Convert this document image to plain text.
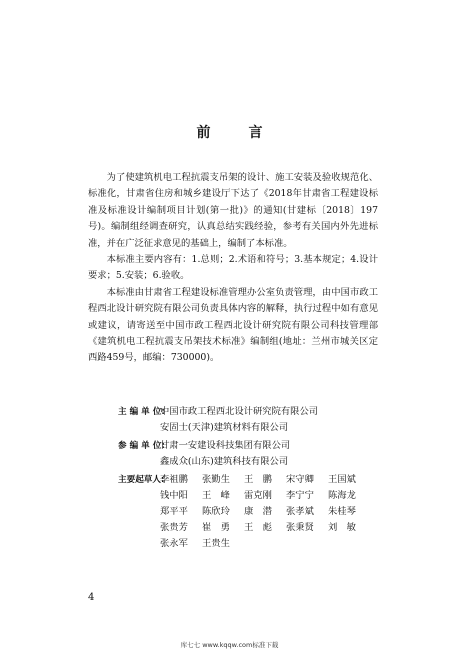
前　言

为了使建筑机电工程抗震支吊架的设计、施工安装及验收规范化、标准化，甘肃省住房和城乡建设厅下达了《2018年甘肃省工程建设标准及标准设计编制项目计划(第一批)》的通知(甘建标〔2018〕197号)。编制组经调查研究，认真总结实践经验，参考有关国内外先进标准，并在广泛征求意见的基础上，编制了本标准。

本标准主要内容有：1.总则；2.术语和符号；3.基本规定；4.设计要求；5.安装；6.验收。

本标准由甘肃省工程建设标准管理办公室负责管理，由中国市政工程西北设计研究院有限公司负责具体内容的解释，执行过程中如有意见或建议，请寄送至中国市政工程西北设计研究院有限公司科技管理部《建筑机电工程抗震支吊架技术标准》编制组(地址：兰州市城关区定西路459号，邮编：730000)。

主 编 单 位:
中国市政工程西北设计研究院有限公司
安固士(天津)建筑材料有限公司
参 编 单 位:
甘肃一安建设科技集团有限公司
鑫成众(山东)建筑科技有限公司
主要起草人:
李祖鹏	张勤生	王　鹏	宋守卿	王国斌
钱中阳	王　峰	雷克刚	李宁宁	陈海龙
郑平平	陈欣玲	康　潜	张孝斌	朱桂琴
张贵芳	崔　勇	王　彪	张秉贤	刘　敏
张永军	王贵生
4
库七七 www.kqqw.com标准下载
